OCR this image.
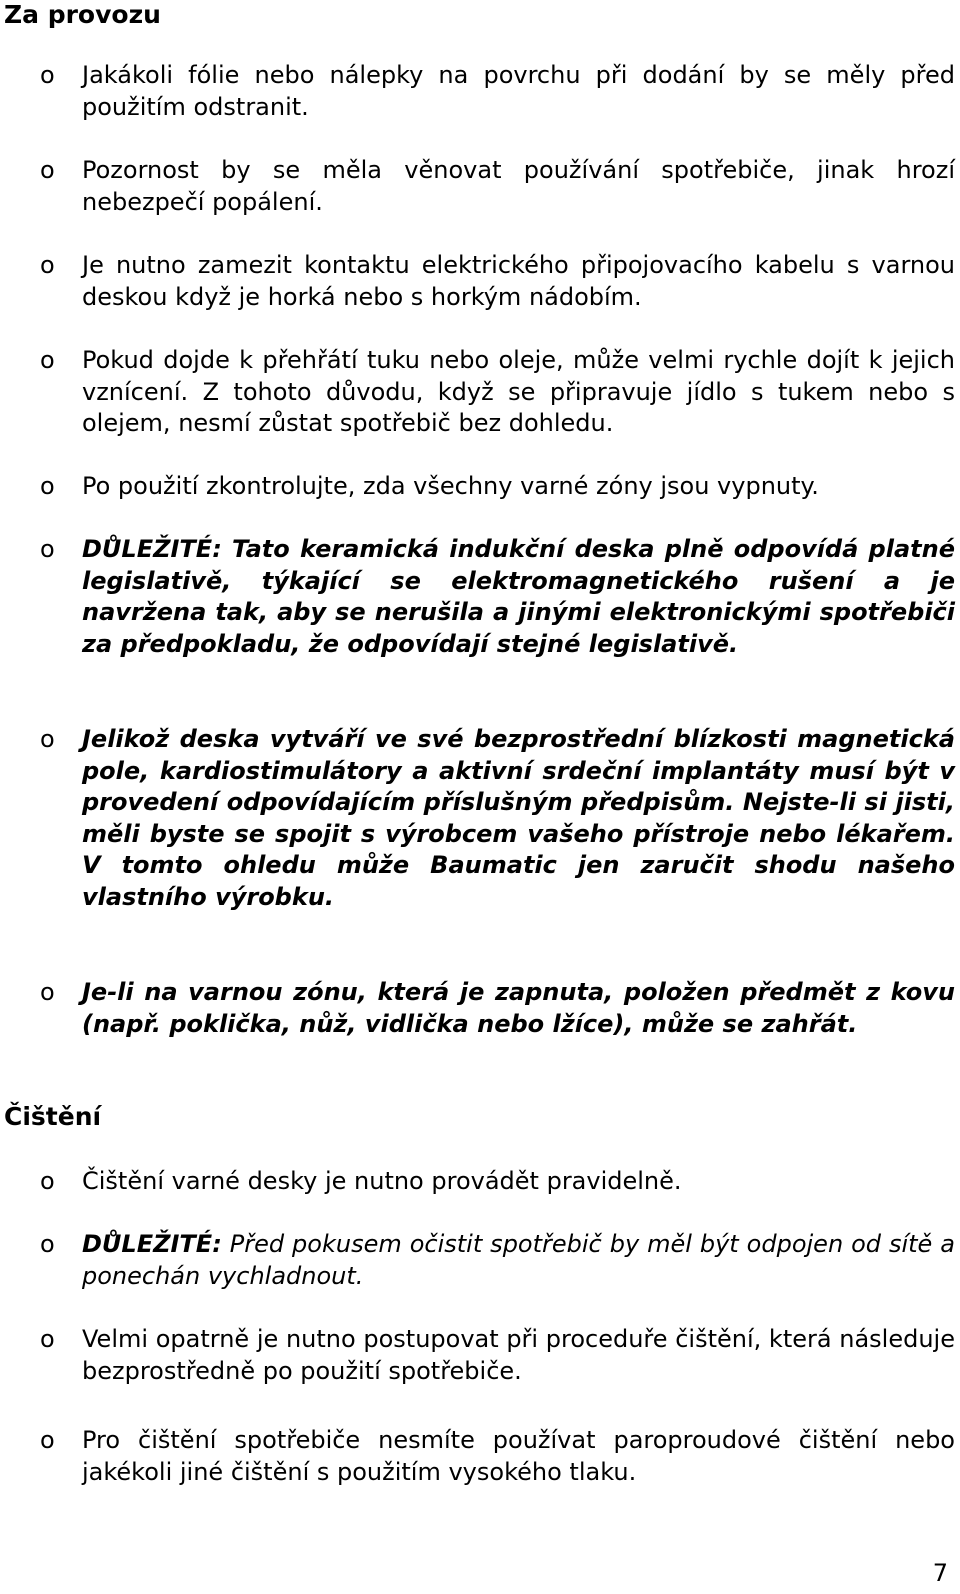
Za provozu
o	Jakákoli fólie nebo nálepky na povrchu při dodání by se měly před použitím odstranit.
o	Pozornost by se měla věnovat používání spotřebiče, jinak hrozí nebezpečí popálení.
o	Je nutno zamezit kontaktu elektrického připojovacího kabelu s varnou deskou když je horká nebo s horkým nádobím.
o	Pokud dojde k přehřátí tuku nebo oleje, může velmi rychle dojít k jejich vznícení. Z tohoto důvodu, když se připravuje jídlo s tukem nebo s olejem, nesmí zůstat spotřebič bez dohledu.
o	Po použití zkontrolujte, zda všechny varné zóny jsou vypnuty.
o	DŮLEŽITÉ: Tato keramická indukční deska plně odpovídá platné legislativě, týkající se elektromagnetického rušení a je navržena tak, aby se nerušila a jinými elektronickými spotřebiči za předpokladu, že odpovídají stejné legislativě.
o	Jelikož deska vytváří ve své bezprostřední blízkosti magnetická pole, kardiostimulátory a aktivní srdeční implantáty musí být v provedení odpovídajícím příslušným předpisům. Nejste-li si jisti, měli byste se spojit s výrobcem vašeho přístroje nebo lékařem. V tomto ohledu může Baumatic jen zaručit shodu našeho vlastního výrobku.
o	Je-li na varnou zónu, která je zapnuta, položen předmět z kovu (např. poklička, nůž, vidlička nebo lžíce), může se zahřát.
Čištění
o	Čištění varné desky je nutno provádět pravidelně.
o	DŮLEŽITÉ: Před pokusem očistit spotřebič by měl být odpojen od sítě a ponechán vychladnout.
o	Velmi opatrně je nutno postupovat při proceduře čištění, která následuje bezprostředně po použití spotřebiče.
o	Pro čištění spotřebiče nesmíte používat paroproudové čištění nebo jakékoli jiné čištění s použitím vysokého tlaku.
7
